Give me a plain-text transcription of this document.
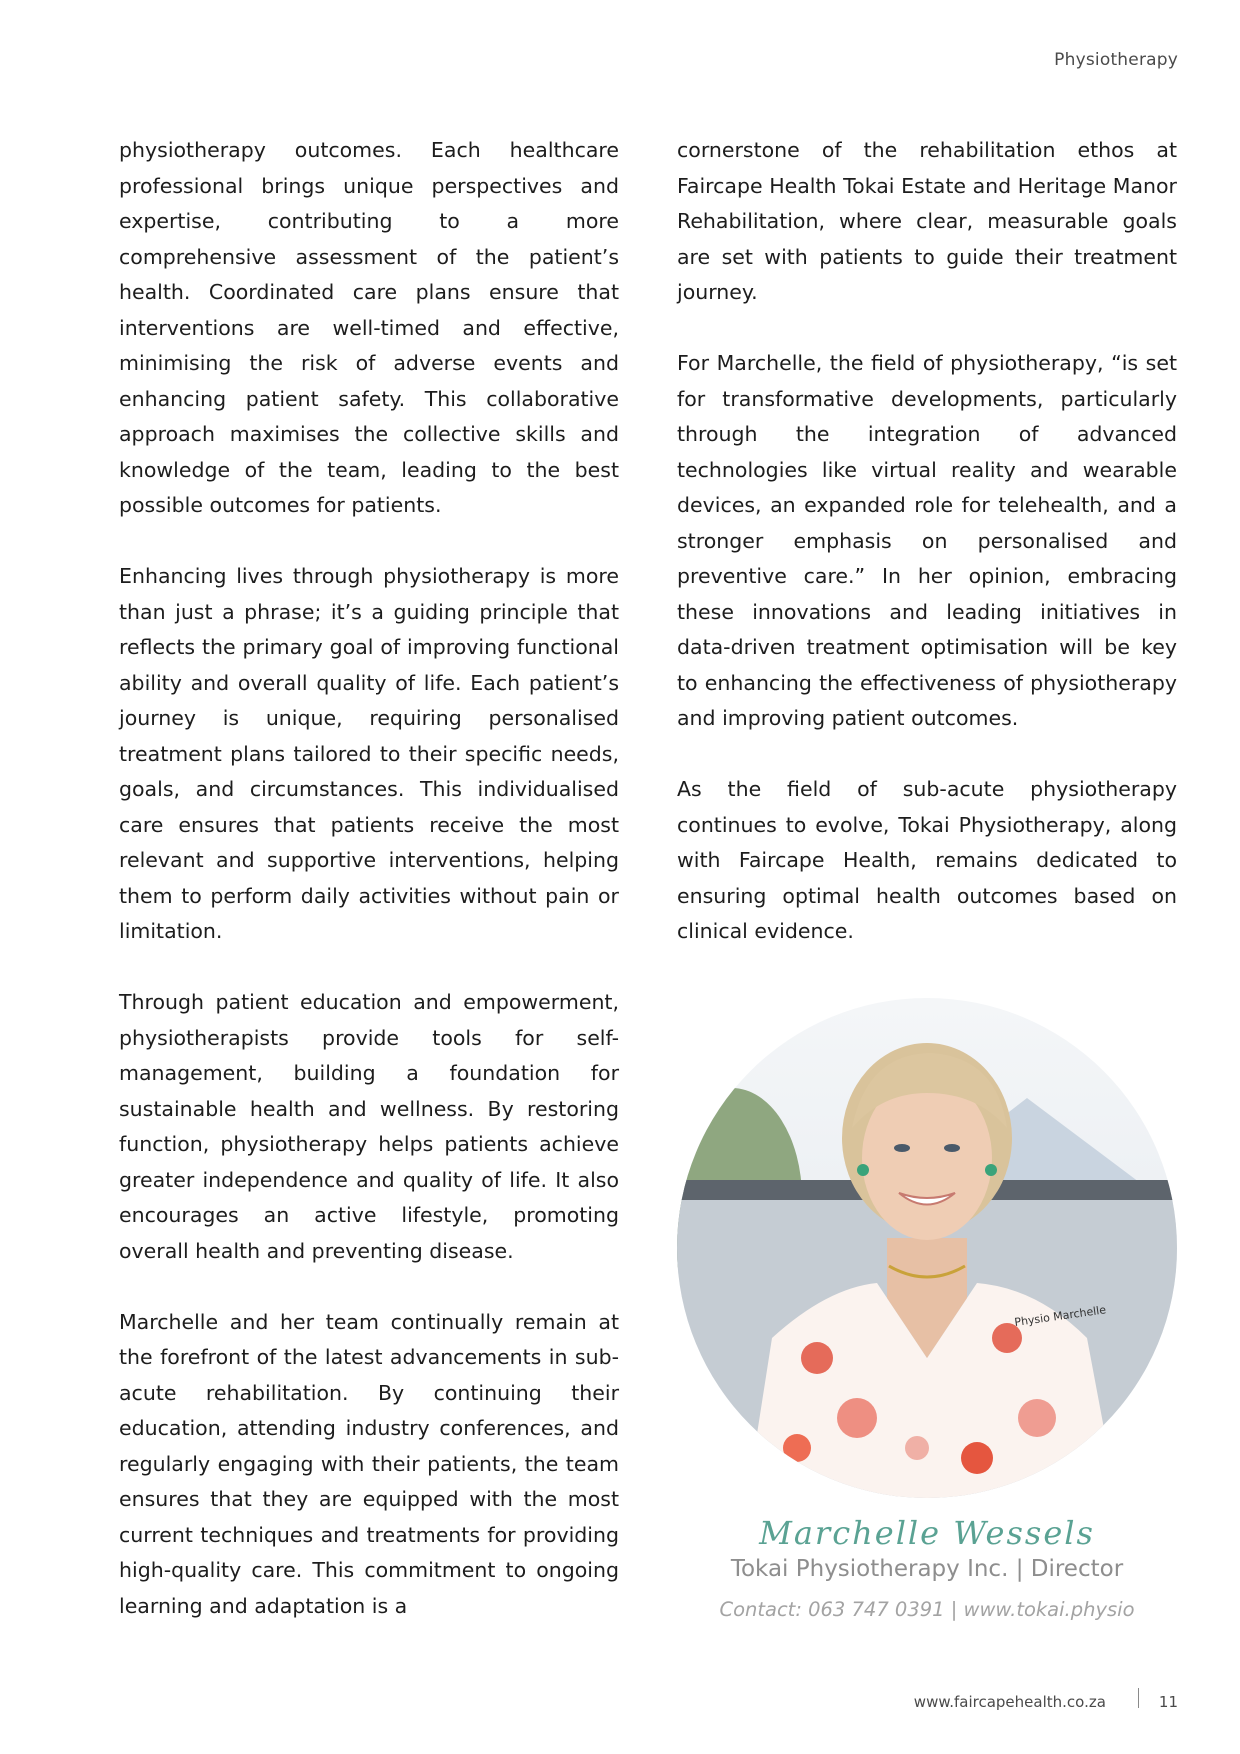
Physiotherapy

physiotherapy outcomes. Each healthcare professional brings unique perspectives and expertise, contributing to a more comprehensive assessment of the patient’s health. Coordinated care plans ensure that interventions are well-timed and effective, minimising the risk of adverse events and enhancing patient safety. This collaborative approach maximises the collective skills and knowledge of the team, leading to the best possible outcomes for patients.

Enhancing lives through physiotherapy is more than just a phrase; it’s a guiding principle that reflects the primary goal of improving functional ability and overall quality of life. Each patient’s journey is unique, requiring personalised treatment plans tailored to their specific needs, goals, and circumstances. This individualised care ensures that patients receive the most relevant and supportive interventions, helping them to perform daily activities without pain or limitation.

Through patient education and empowerment, physiotherapists provide tools for self-management, building a foundation for sustainable health and wellness. By restoring function, physiotherapy helps patients achieve greater independence and quality of life. It also encourages an active lifestyle, promoting overall health and preventing disease.

Marchelle and her team continually remain at the forefront of the latest advancements in sub-acute rehabilitation. By continuing their education, attending industry conferences, and regularly engaging with their patients, the team ensures that they are equipped with the most current techniques and treatments for providing high-quality care. This commitment to ongoing learning and adaptation is a

cornerstone of the rehabilitation ethos at Faircape Health Tokai Estate and Heritage Manor Rehabilitation, where clear, measurable goals are set with patients to guide their treatment journey.

For Marchelle, the field of physiotherapy, “is set for transformative developments, particularly through the integration of advanced technologies like virtual reality and wearable devices, an expanded role for telehealth, and a stronger emphasis on personalised and preventive care.” In her opinion, embracing these innovations and leading initiatives in data-driven treatment optimisation will be key to enhancing the effectiveness of physiotherapy and improving patient outcomes.

As the field of sub-acute physiotherapy continues to evolve, Tokai Physiotherapy, along with Faircape Health, remains dedicated to ensuring optimal health outcomes based on clinical evidence.

Physio Marchelle
Marchelle Wessels
Tokai Physiotherapy Inc. | Director
Contact: 063 747 0391 | www.tokai.physio
www.faircapehealth.co.za	11
